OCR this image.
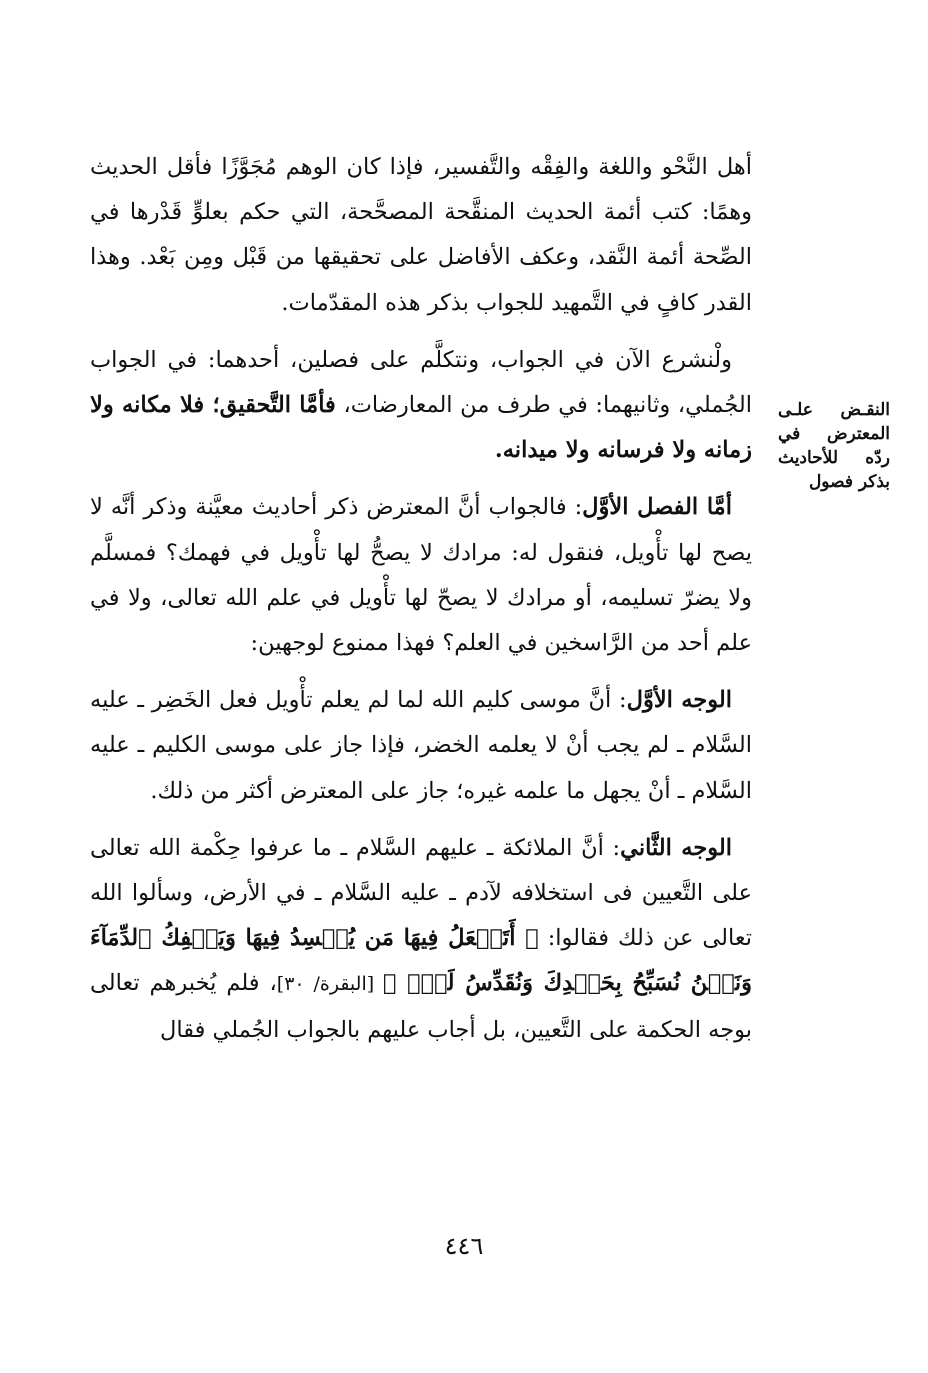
النقـض علـى المعترض في ردّه للأحاديث بذكر فصول

أهل النَّحْو واللغة والفِقْه والتَّفسير، فإذا كان الوهم مُجَوَّزًا فأقل الحديث وهمًا: كتب أئمة الحديث المنقَّحة المصحَّحة، التي حكم بعلوٍّ قَدْرها في الصِّحة أئمة النَّقد، وعكف الأفاضل على تحقيقها من قَبْل ومِن بَعْد. وهذا القدر كافٍ في التَّمهيد للجواب بذكر هذه المقدّمات.

ولْنشرع الآن في الجواب، ونتكلَّم على فصلين، أحدهما: في الجواب الجُملي، وثانيهما: في طرف من المعارضات، فأمَّا التَّحقيق؛ فلا مكانه ولا زمانه ولا فرسانه ولا ميدانه.

أمَّا الفصل الأوَّل: فالجواب أنَّ المعترض ذكر أحاديث معيَّنة وذكر أنَّه لا يصح لها تأْويل، فنقول له: مرادك لا يصحُّ لها تأْويل في فهمك؟ فمسلَّم ولا يضرّ تسليمه، أو مرادك لا يصحّ لها تأْويل في علم الله تعالى، ولا في علم أحد من الرَّاسخين في العلم؟ فهذا ممنوع لوجهين:

الوجه الأوَّل: أنَّ موسى كليم الله لما لم يعلم تأْويل فعل الخَضِر ـ عليه السَّلام ـ لم يجب أنْ لا يعلمه الخضر، فإذا جاز على موسى الكليم ـ عليه السَّلام ـ أنْ يجهل ما علمه غيره؛ جاز على المعترض أكثر من ذلك.

الوجه الثَّاني: أنَّ الملائكة ـ عليهم السَّلام ـ ما عرفوا حِكْمة الله تعالى على التَّعيين فى استخلافه لآدم ـ عليه السَّلام ـ في الأرض، وسألوا الله تعالى عن ذلك فقالوا: ﴿ أَتَجۡعَلُ فِيهَا مَن يُفۡسِدُ فِيهَا وَيَسۡفِكُ ٱلدِّمَآءَ وَنَحۡنُ نُسَبِّحُ بِحَمۡدِكَ وَنُقَدِّسُ لَكَۖ ﴾ [البقرة/ ٣٠]، فلم يُخبرهم تعالى بوجه الحكمة على التَّعيين، بل أجاب عليهم بالجواب الجُملي فقال

٤٤٦
